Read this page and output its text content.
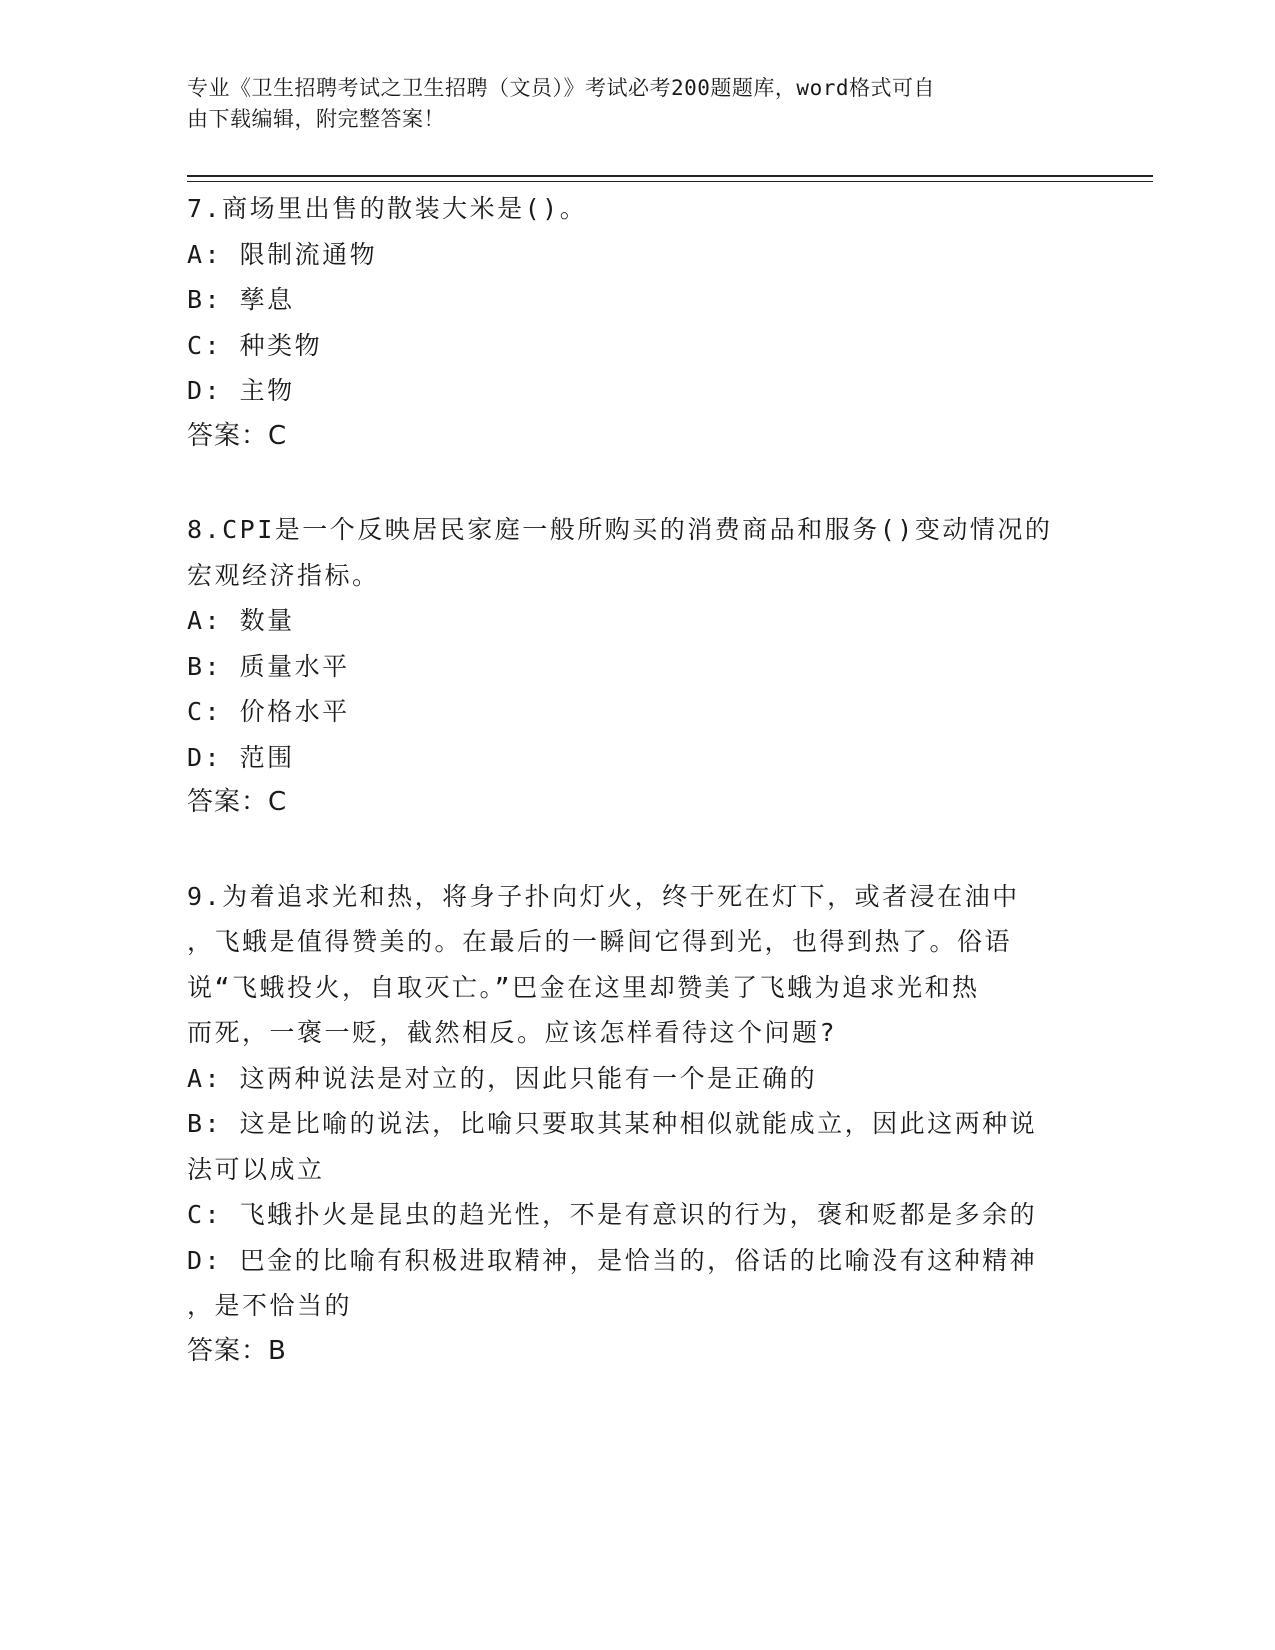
专业《卫生招聘考试之卫生招聘（文员）》考试必考200题题库，word格式可自
由下载编辑，附完整答案！
7.商场里出售的散装大米是()。
A: 限制流通物
B: 孳息
C: 种类物
D: 主物
答案：C
8.CPI是一个反映居民家庭一般所购买的消费商品和服务()变动情况的
宏观经济指标。
A: 数量
B: 质量水平
C: 价格水平
D: 范围
答案：C
9.为着追求光和热，将身子扑向灯火，终于死在灯下，或者浸在油中
，飞蛾是值得赞美的。在最后的一瞬间它得到光，也得到热了。俗语
说“飞蛾投火，自取灭亡。”巴金在这里却赞美了飞蛾为追求光和热
而死，一褒一贬，截然相反。应该怎样看待这个问题?
A: 这两种说法是对立的，因此只能有一个是正确的
B: 这是比喻的说法，比喻只要取其某种相似就能成立，因此这两种说
法可以成立
C: 飞蛾扑火是昆虫的趋光性，不是有意识的行为，褒和贬都是多余的
D: 巴金的比喻有积极进取精神，是恰当的，俗话的比喻没有这种精神
，是不恰当的
答案：B
